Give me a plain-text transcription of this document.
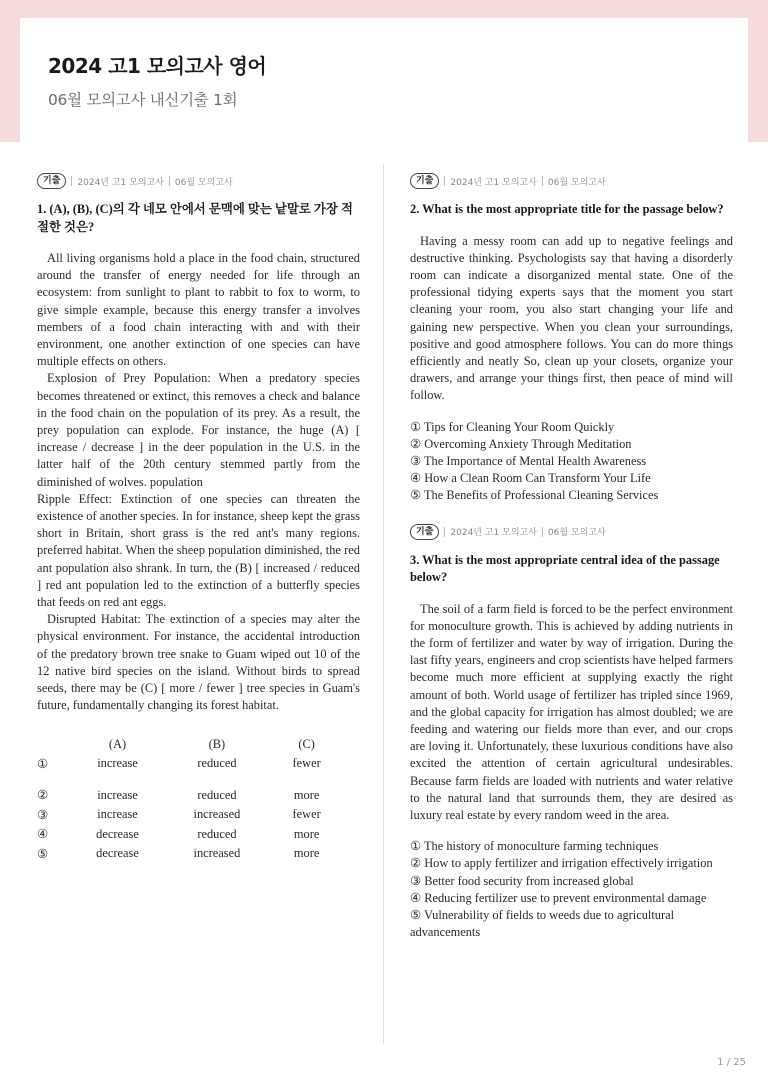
2024 고1 모의고사 영어
06월 모의고사 내신기출 1회
기출	2024년 고1 모의고사 06월 모의고사
1. (A), (B), (C)의 각 네모 안에서 문맥에 맞는 낱말로 가장 적절한 것은?

All living organisms hold a place in the food chain, structured around the transfer of energy needed for life through an ecosystem: from sunlight to plant to rabbit to fox to worm, to give simple example, because this energy transfer a involves members of a food chain interacting with and with their environment, one another extinction of one species can have multiple effects on others.

Explosion of Prey Population: When a predatory species becomes threatened or extinct, this removes a check and balance in the food chain on the population of its prey. As a result, the prey population can explode. For instance, the huge (A) [ increase / decrease ] in the deer population in the U.S. in the latter half of the 20th century stemmed partly from the diminished of wolves. population

Ripple Effect: Extinction of one species can threaten the existence of another species. In for instance, sheep kept the grass short in Britain, short grass is the red ant's many regions. preferred habitat. When the sheep population diminished, the red ant population also shrank. In turn, the (B) [ increased / reduced ] red ant population led to the extinction of a butterfly species that feeds on red ant eggs.

Disrupted Habitat: The extinction of a species may alter the physical environment. For instance, the accidental introduction of the predatory brown tree snake to Guam wiped out 10 of the 12 native bird species on the island. Without birds to spread seeds, there may be (C) [ more / fewer ] tree species in Guam's future, fundamentally changing its forest habitat.

(A)	(B)	(C)
①	increase	reduced	fewer
②	increase	reduced	more
③	increase	increased	fewer
④	decrease	reduced	more
⑤	decrease	increased	more
기출	2024년 고1 모의고사 06월 모의고사
2. What is the most appropriate title for the passage below?

Having a messy room can add up to negative feelings and destructive thinking. Psychologists say that having a disorderly room can indicate a disorganized mental state. One of the professional tidying experts says that the moment you start cleaning your room, you also start changing your life and gaining new perspective. When you clean your surroundings, positive and good atmosphere follows. You can do more things efficiently and neatly So, clean up your closets, organize your drawers, and arrange your things first, then peace of mind will follow.

① Tips for Cleaning Your Room Quickly
② Overcoming Anxiety Through Meditation
③ The Importance of Mental Health Awareness
④ How a Clean Room Can Transform Your Life
⑤ The Benefits of Professional Cleaning Services
기출	2024년 고1 모의고사 06월 모의고사
3. What is the most appropriate central idea of the passage below?

The soil of a farm field is forced to be the perfect environment for monoculture growth. This is achieved by adding nutrients in the form of fertilizer and water by way of irrigation. During the last fifty years, engineers and crop scientists have helped farmers become much more efficient at supplying exactly the right amount of both. World usage of fertilizer has tripled since 1969, and the global capacity for irrigation has almost doubled; we are feeding and watering our fields more than ever, and our crops are loving it. Unfortunately, these luxurious conditions have also excited the attention of certain agricultural undesirables. Because farm fields are loaded with nutrients and water relative to the natural land that surrounds them, they are desired as luxury real estate by every random weed in the area.

① The history of monoculture farming techniques
② How to apply fertilizer and irrigation effectively irrigation
③ Better food security from increased global
④ Reducing fertilizer use to prevent environmental damage
⑤ Vulnerability of fields to weeds due to agricultural advancements
1 / 25
